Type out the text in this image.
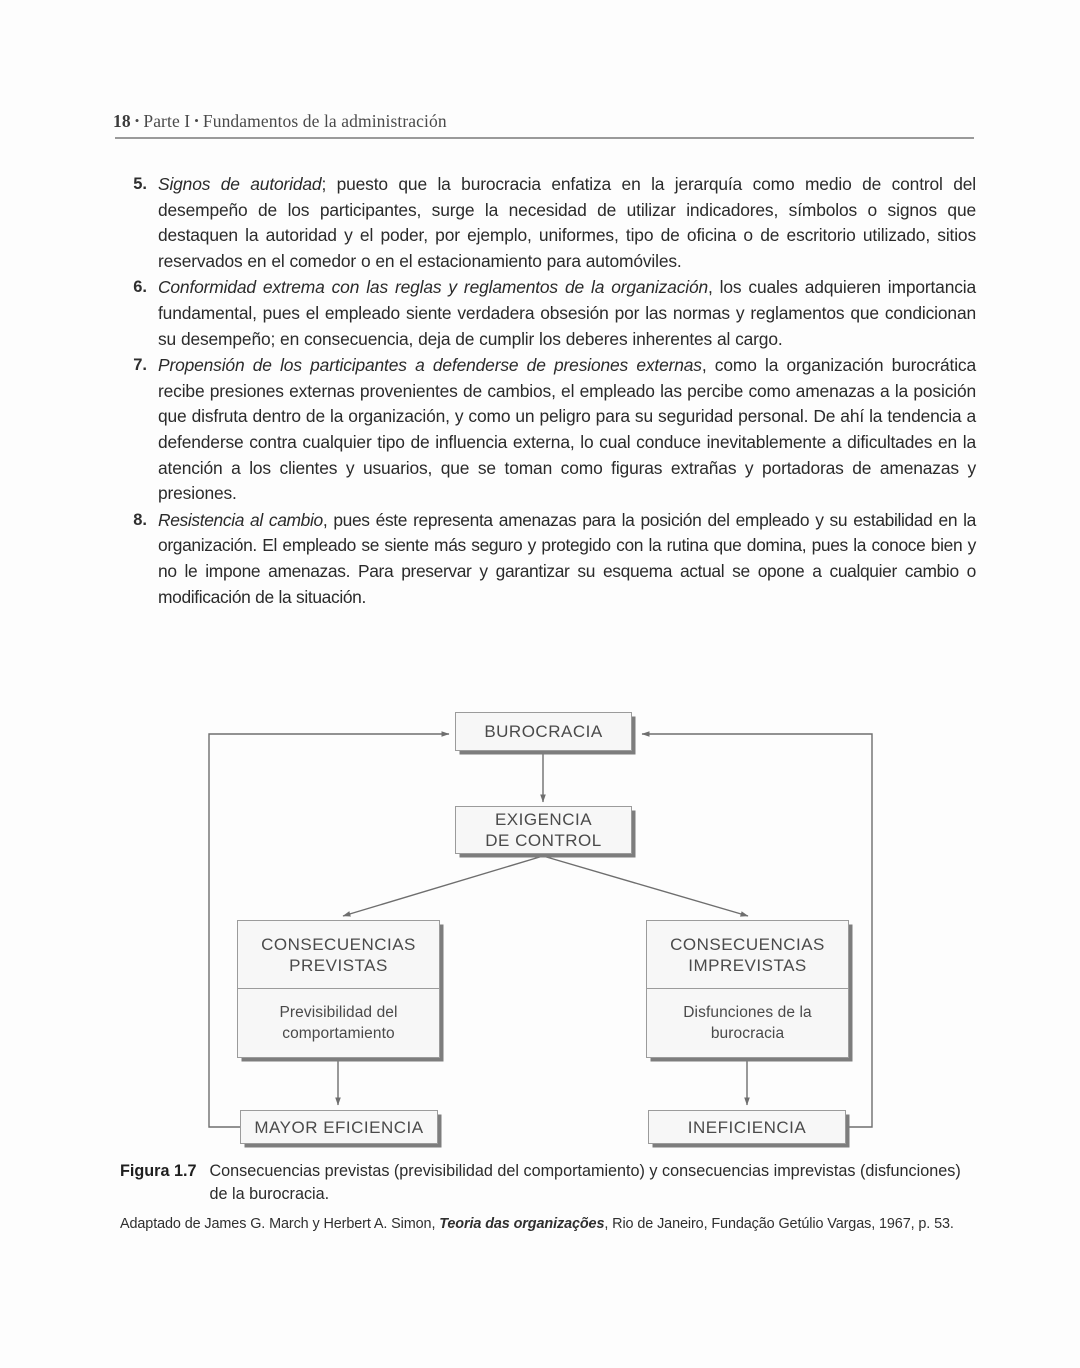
18 • Parte I • Fundamentos de la administración
5. Signos de autoridad; puesto que la burocracia enfatiza en la jerarquía como medio de control del desempeño de los participantes, surge la necesidad de utilizar indicadores, símbolos o signos que destaquen la autoridad y el poder, por ejemplo, uniformes, tipo de oficina o de escritorio utilizado, sitios reservados en el comedor o en el estacionamiento para automóviles.
6. Conformidad extrema con las reglas y reglamentos de la organización, los cuales adquieren importancia fundamental, pues el empleado siente verdadera obsesión por las normas y reglamentos que condicionan su desempeño; en consecuencia, deja de cumplir los deberes inherentes al cargo.
7. Propensión de los participantes a defenderse de presiones externas, como la organización burocrática recibe presiones externas provenientes de cambios, el empleado las percibe como amenazas a la posición que disfruta dentro de la organización, y como un peligro para su seguridad personal. De ahí la tendencia a defenderse contra cualquier tipo de influencia externa, lo cual conduce inevitablemente a dificultades en la atención a los clientes y usuarios, que se toman como figuras extrañas y portadoras de amenazas y presiones.
8. Resistencia al cambio, pues éste representa amenazas para la posición del empleado y su estabilidad en la organización. El empleado se siente más seguro y protegido con la rutina que domina, pues la conoce bien y no le impone amenazas. Para preservar y garantizar su esquema actual se opone a cualquier cambio o modificación de la situación.
BUROCRACIA
EXIGENCIA
DE CONTROL
CONSECUENCIAS
PREVISTAS
Previsibilidad del
comportamiento
CONSECUENCIAS
IMPREVISTAS
Disfunciones de la
burocracia
MAYOR EFICIENCIA	INEFICIENCIA
Figura 1.7 Consecuencias previstas (previsibilidad del comportamiento) y consecuencias imprevistas (disfunciones) de la burocracia.
Adaptado de James G. March y Herbert A. Simon, Teoria das organizações, Rio de Janeiro, Fundação Getúlio Vargas, 1967, p. 53.
